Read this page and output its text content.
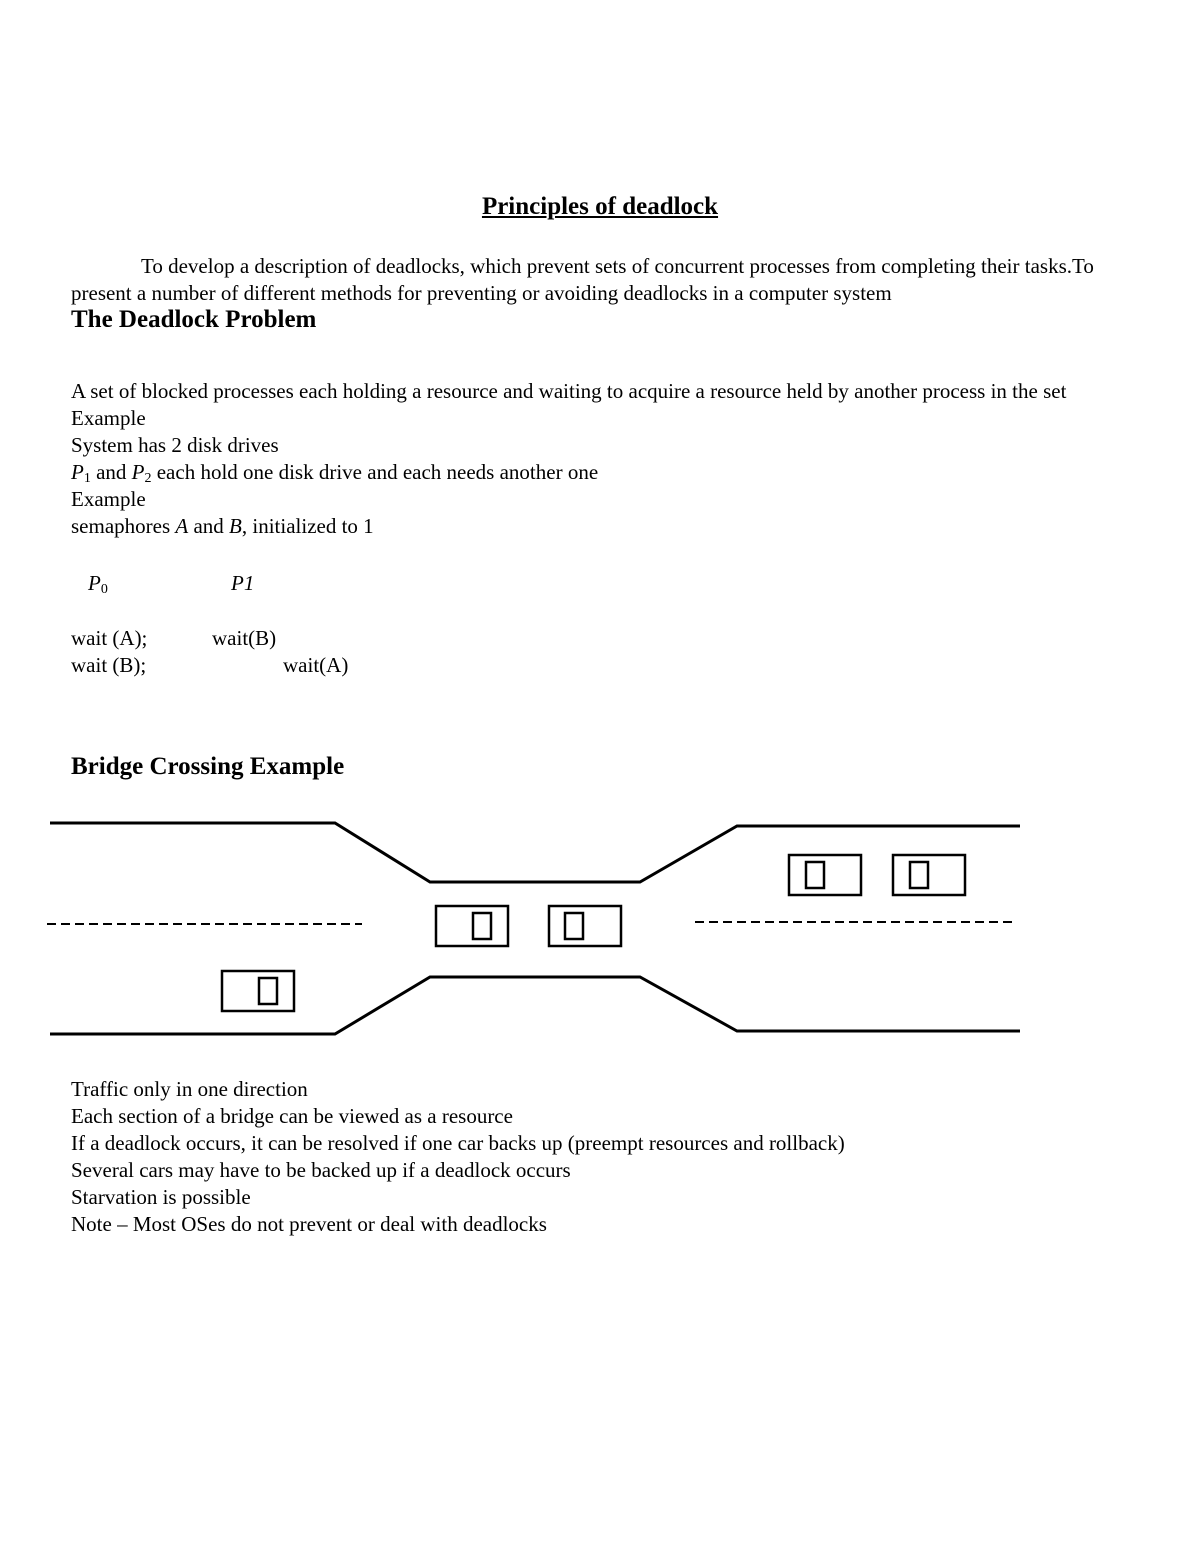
Principles of deadlock
To develop a description of deadlocks, which prevent sets of concurrent processes from completing their tasks.To present a number of different methods for preventing or avoiding deadlocks in a computer system
The Deadlock Problem
A set of blocked processes each holding a resource and waiting to acquire a resource held by another process in the set
Example
System has 2 disk drives
$P_1$ and $P_2$ each hold one disk drive and each needs another one
Example
semaphores A and B, initialized to 1
$P_0$	P1
wait (A);	wait(B)
wait (B);	wait(A)
Bridge Crossing Example
Traffic only in one direction
Each section of a bridge can be viewed as a resource
If a deadlock occurs, it can be resolved if one car backs up (preempt resources and rollback)
Several cars may have to be backed up if a deadlock occurs
Starvation is possible
Note – Most OSes do not prevent or deal with deadlocks
